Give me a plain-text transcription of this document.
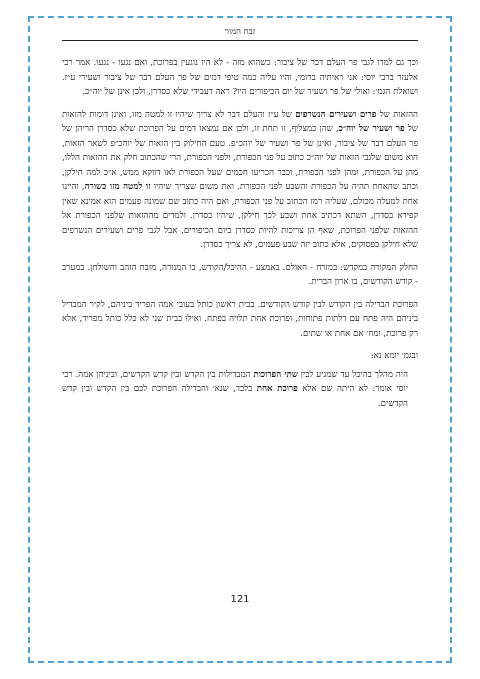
זבח המור

וכך גם למדו לגבי פר העלם דבר של ציבור: כשהוא מזה - לא היו נוגעין בפרוכת, ואם נגעו - נגעו. אמר רבי אלעזר ברבי יוסי: אני ראיתיה ברומי, והיו עליה כמה טיפי דמים של פר העלם דבר של ציבור ושעירי ע״ז. ושואלת הגמ׳: ואולי של פר ושעיר של יום הכיפורים היו? ראה דעבידי שלא כסדרן, ולכן אינן של יוה״כ.

ההזאות של פרים ושעירים הנשרפים של ע״ז והעלם דבר לא צריך שיהיו זו למטה מזו, ואינן דומות להזאות של פר ושעיר של יוה״כ, שהן כמצליף, זו תחת זו, ולכן אם נמצאו דמים על הפרוכת שלא כסדרן הריהן של פר העלם דבר של ציבור, ואינן של פר ושעיר של יוהכ״פ. טעם החילוק בין הזאות של יוהכ״פ לשאר הזאות, הוא משום שלגבי הזאות של יוה״כ כתוב על פני הכפורת, ולפני הכפורת, הרי שהכתוב חלק את ההזאות הללו, מהן על הכפורת, ומהן לפני הכפורת, וכבר הכריעו חכמים שעל הכפורת לאו דווקא ממש, א״כ למה חילקן, וכתב שהאחת תהיה על הכפורת והשבע לפני הכפורת, ואת משום שצריך שיהיו זו למטה מזו כשורה, והיינו אחת למעלה מכולם, שעליה רמז הכתוב על פני הכפורת, ואם היה כתוב שם שמונה פעמים הוא אמינא שאין קפידא בסדרן, השתא דכתיב אחת ושבע לכך חילקן, שיהיו כסדרן. ולמדים מההזאות שלפני הכפורת אל ההזאות שלפני הפרוכת, שאף הן צריכות להיות כסדרן ביום הכיפורים, אבל לגבי פרים ושעירים הנשרפים שלא חילקן בפסוקים, אלא כתוב יזה שבע פעמים, לא צריך כסדרן.

החלק המקורה במקדש: במזרח - האולם. באמצע - ההיכל/הקודש, בו המנורה, מזבח הזהב והשולחן. במערב - קודש הקודשים, בו ארון הברית.

הפרוכת הבדילה בין הקודש לבין קודש הקודשים. בבית ראשון כותל בעובי אמה הפריד ביניהם, לקיר המבדיל ביניהם היה פתח עם דלתות פתוחות, ופרוכת אחת תלויה בפתח. ואילו בבית שני לא כלל כותל מפריד, אלא רק פרוכת, ומח׳ אם אחת או שתים.

ובגמ׳ יומא נא:

היה מהלך בהיכל עד שמגיע לבין שתי הפרוכות המבדילות בין הקדש ובין קדש הקדשים, וביניהן אמה. רבי יוסי אומר: לא היתה שם אלא פרוכת אחת בלבד, שנא׳ והבדילה הפרוכת לכם בין הקדש ובין קדש הקדשים.

121
